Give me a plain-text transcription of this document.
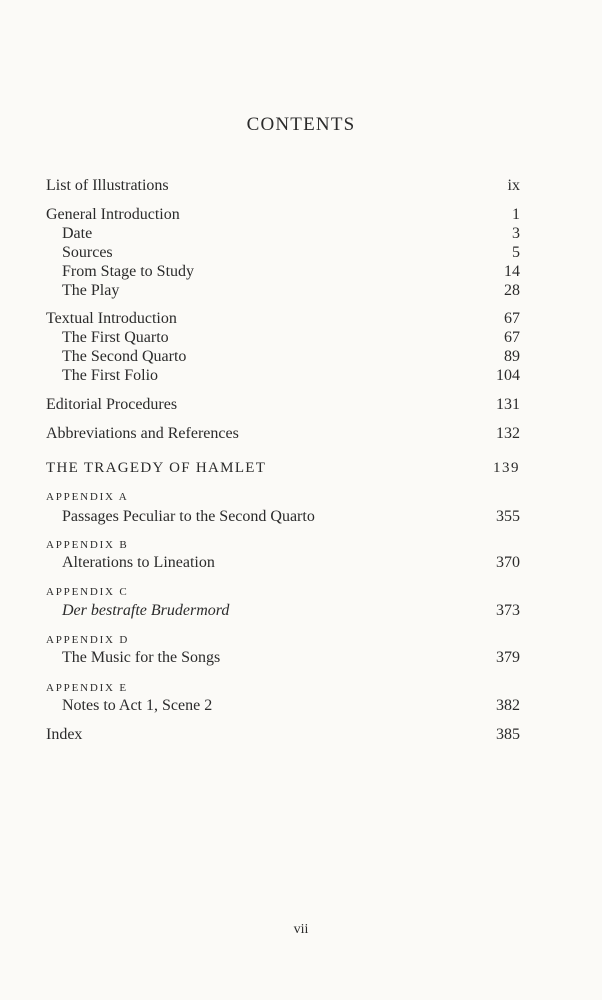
CONTENTS
List of Illustrations	ix
General Introduction	1
Date	3
Sources	5
From Stage to Study	14
The Play	28
Textual Introduction	67
The First Quarto	67
The Second Quarto	89
The First Folio	104
Editorial Procedures	131
Abbreviations and References	132
THE TRAGEDY OF HAMLET	139
APPENDIX A
Passages Peculiar to the Second Quarto	355
APPENDIX B
Alterations to Lineation	370
APPENDIX C
Der bestrafte Brudermord	373
APPENDIX D
The Music for the Songs	379
APPENDIX E
Notes to Act 1, Scene 2	382
Index	385
vii
